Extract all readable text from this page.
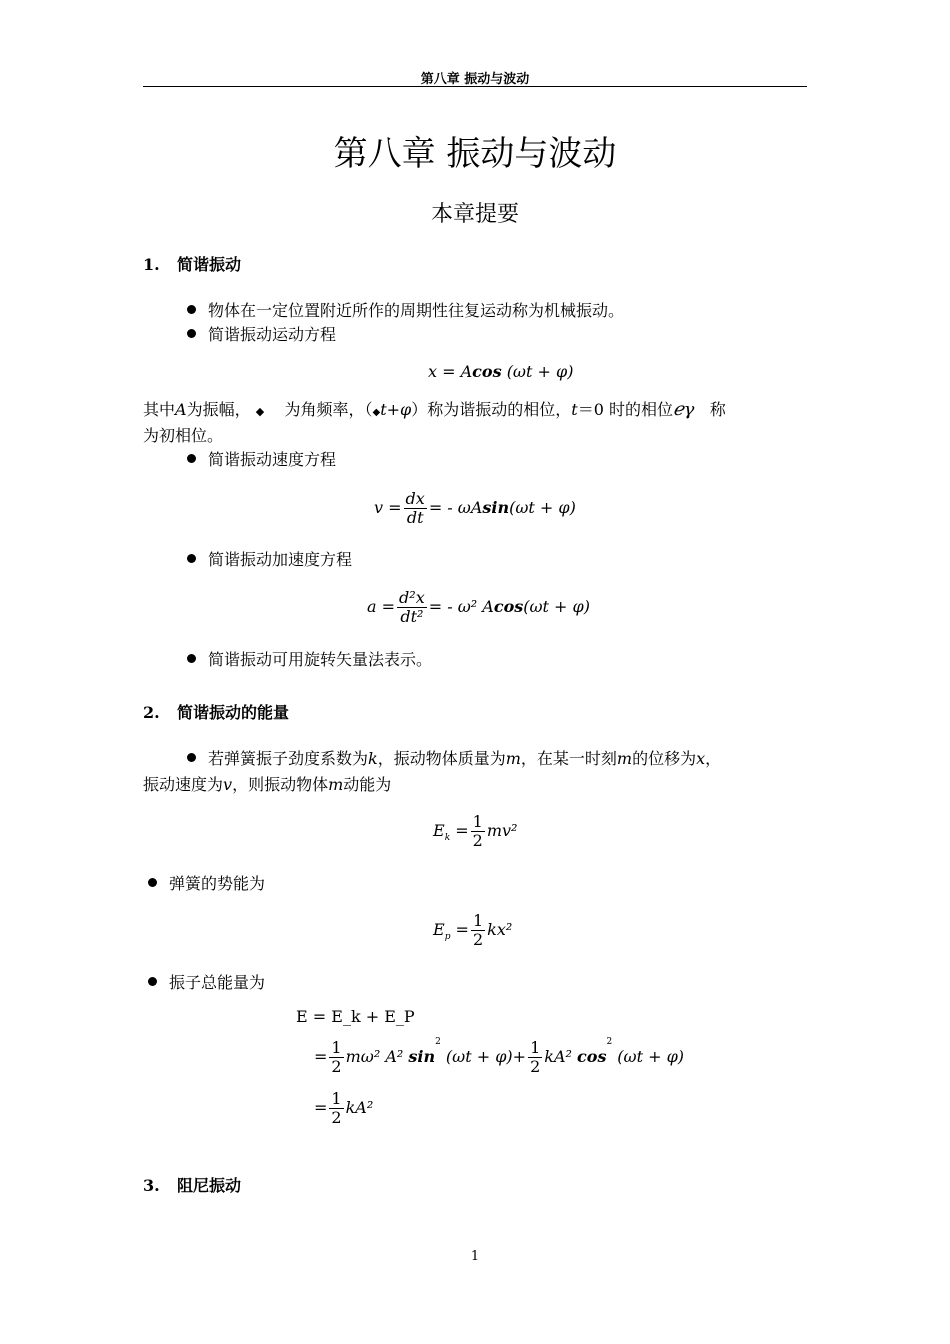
第八章 振动与波动
第八章 振动与波动
本章提要
1. 简谐振动
物体在一定位置附近所作的周期性往复运动称为机械振动。
简谐振动运动方程
x = Acos (ωt + φ)
其中A为振幅， ◆ 为角频率，（◆t+φ）称为谐振动的相位，t＝0 时的相位ℯγ 称
为初相位。
简谐振动速度方程
$v = \frac{dx}{dt}$ = - ωAsin(ωt + φ)
简谐振动加速度方程
$a = \frac{\text{d²x}}{\text{dt²}}$ = - ω² Acos(ωt + φ)
简谐振动可用旋转矢量法表示。
2. 简谐振动的能量
若弹簧振子劲度系数为k，振动物体质量为m，在某一时刻m的位移为x，
振动速度为v，则振动物体m动能为
$E_k = \frac{1}{2} mv^2$
弹簧的势能为
$E_p = \frac{1}{2} kx^2$
振子总能量为
E = E_k + E_P
= $\frac{1}{2} m\omega^2$ A² $\sin^2 (\omega t + \varphi)+ \frac{1}{2} kA^2$ $\cos^2 (\omega t + \varphi)$
= $\frac{1}{2} kA^2$
3. 阻尼振动
1
